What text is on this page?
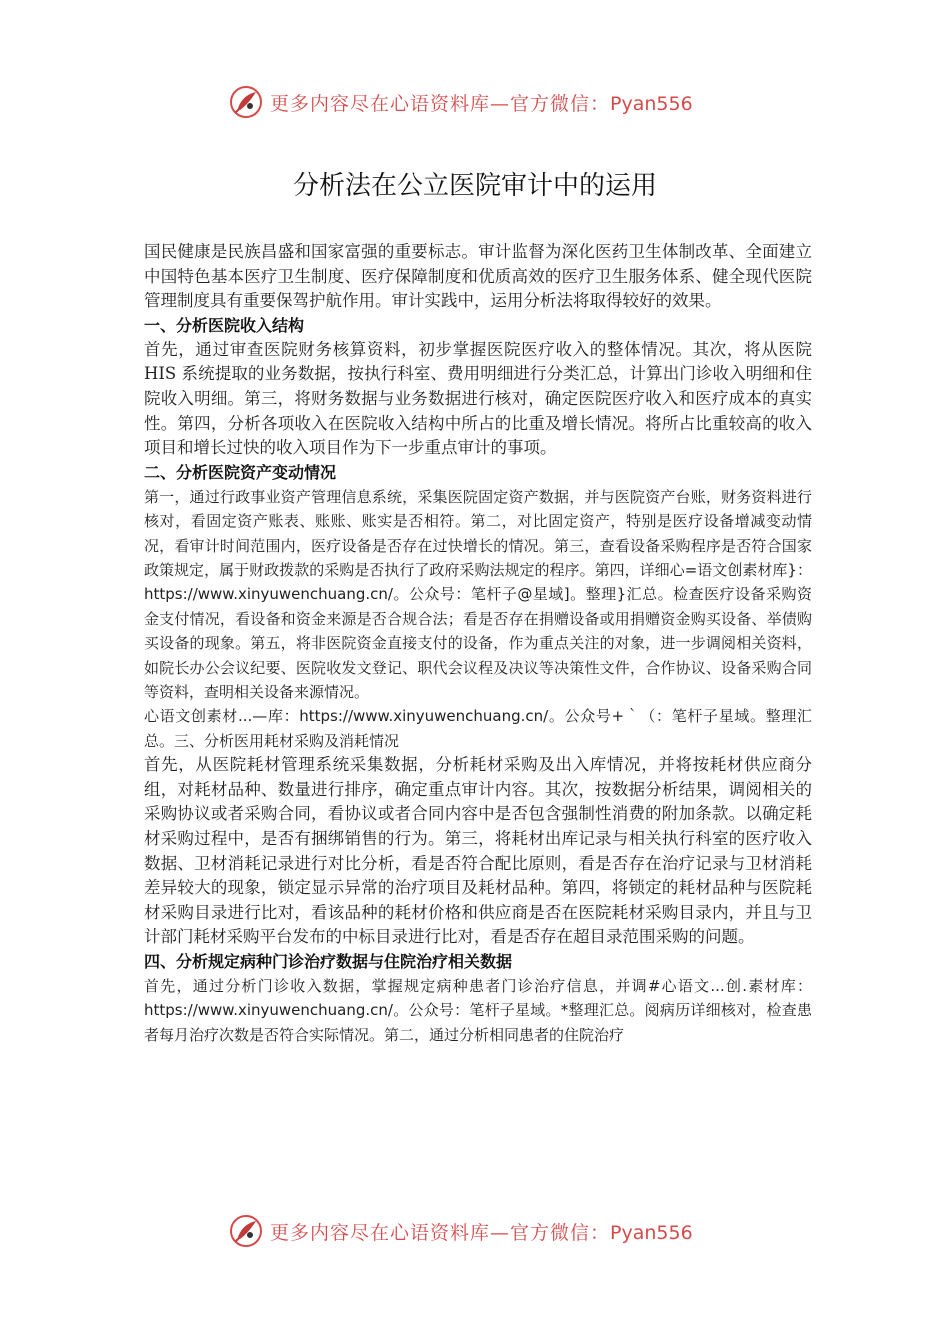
更多内容尽在心语资料库—官方微信：Pyan556
分析法在公立医院审计中的运用

国民健康是民族昌盛和国家富强的重要标志。审计监督为深化医药卫生体制改革、全面建立中国特色基本医疗卫生制度、医疗保障制度和优质高效的医疗卫生服务体系、健全现代医院管理制度具有重要保驾护航作用。审计实践中，运用分析法将取得较好的效果。

一、分析医院收入结构

首先，通过审查医院财务核算资料，初步掌握医院医疗收入的整体情况。其次，将从医院 HIS 系统提取的业务数据，按执行科室、费用明细进行分类汇总，计算出门诊收入明细和住院收入明细。第三，将财务数据与业务数据进行核对，确定医院医疗收入和医疗成本的真实性。第四，分析各项收入在医院收入结构中所占的比重及增长情况。将所占比重较高的收入项目和增长过快的收入项目作为下一步重点审计的事项。

二、分析医院资产变动情况

第一，通过行政事业资产管理信息系统，采集医院固定资产数据，并与医院资产台账，财务资料进行核对，看固定资产账表、账账、账实是否相符。第二，对比固定资产，特别是医疗设备增减变动情况，看审计时间范围内，医疗设备是否存在过快增长的情况。第三，查看设备采购程序是否符合国家政策规定，属于财政拨款的采购是否执行了政府采购法规定的程序。第四，详细心=语文创素材库}：https://www.xinyuwenchuang.cn/。公众号：笔杆子@星域]。整理}汇总。检查医疗设备采购资金支付情况，看设备和资金来源是否合规合法；看是否存在捐赠设备或用捐赠资金购买设备、举债购买设备的现象。第五，将非医院资金直接支付的设备，作为重点关注的对象，进一步调阅相关资料，如院长办公会议纪要、医院收发文登记、职代会议程及决议等决策性文件，合作协议、设备采购合同等资料，查明相关设备来源情况。

心语文创素材...—库：https://www.xinyuwenchuang.cn/。公众号+｀（：笔杆子星域。整理汇总。三、分析医用耗材采购及消耗情况

首先，从医院耗材管理系统采集数据，分析耗材采购及出入库情况，并将按耗材供应商分组，对耗材品种、数量进行排序，确定重点审计内容。其次，按数据分析结果，调阅相关的采购协议或者采购合同，看协议或者合同内容中是否包含强制性消费的附加条款。以确定耗材采购过程中，是否有捆绑销售的行为。第三，将耗材出库记录与相关执行科室的医疗收入数据、卫材消耗记录进行对比分析，看是否符合配比原则，看是否存在治疗记录与卫材消耗差异较大的现象，锁定显示异常的治疗项目及耗材品种。第四，将锁定的耗材品种与医院耗材采购目录进行比对，看该品种的耗材价格和供应商是否在医院耗材采购目录内，并且与卫计部门耗材采购平台发布的中标目录进行比对，看是否存在超目录范围采购的问题。

四、分析规定病种门诊治疗数据与住院治疗相关数据

首先，通过分析门诊收入数据，掌握规定病种患者门诊治疗信息，并调#心语文...创.素材库：https://www.xinyuwenchuang.cn/。公众号：笔杆子星域。*整理汇总。阅病历详细核对，检查患者每月治疗次数是否符合实际情况。第二，通过分析相同患者的住院治疗

更多内容尽在心语资料库—官方微信：Pyan556
